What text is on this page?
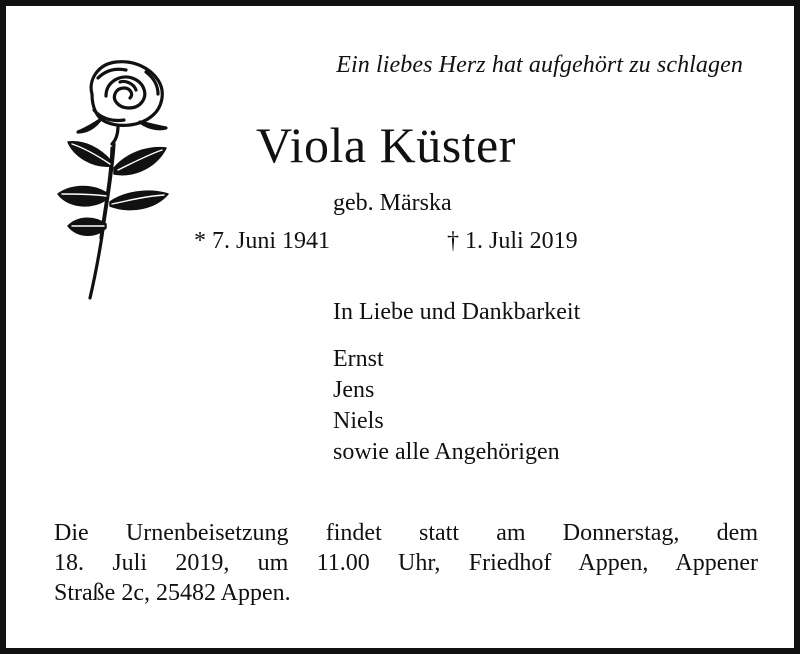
Ein liebes Herz hat aufgehört zu schlagen
Viola Küster
geb. Märska
* 7. Juni 1941	† 1. Juli 2019
In Liebe und Dankbarkeit
Ernst
Jens
Niels
sowie alle Angehörigen

Die Urnenbeisetzung findet statt am Donnerstag, dem
18. Juli 2019, um 11.00 Uhr, Friedhof Appen, Appener
Straße 2c, 25482 Appen.
